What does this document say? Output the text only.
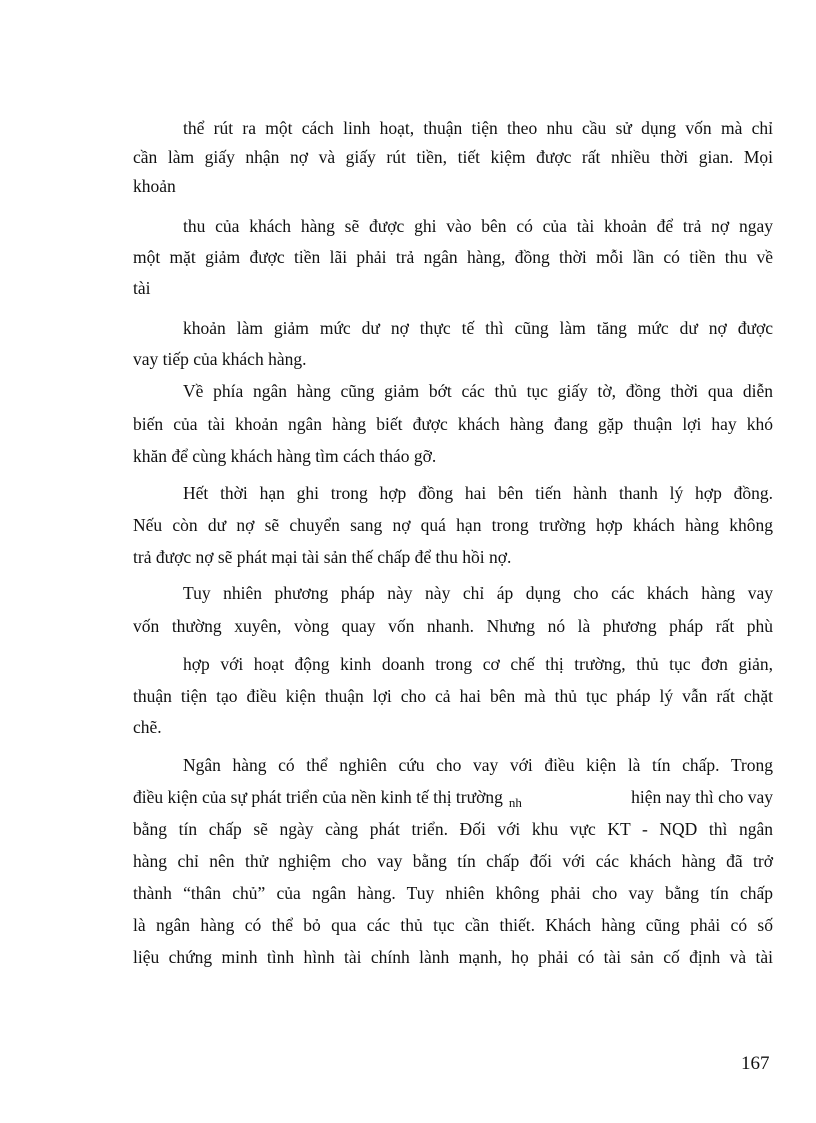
thể rút ra một cách linh hoạt, thuận tiện theo nhu cầu sử dụng vốn mà chỉ
cần làm giấy nhận nợ và giấy rút tiền, tiết kiệm được rất nhiều thời gian. Mọi
khoản
thu của khách hàng sẽ được ghi vào bên có của tài khoản để trả nợ ngay
một mặt giảm được tiền lãi phải trả ngân hàng, đồng thời mỗi lần có tiền thu về
tài
khoản làm giảm mức dư nợ thực tế thì cũng làm tăng mức dư nợ được
vay tiếp của khách hàng.
Về phía ngân hàng cũng giảm bớt các thủ tục giấy tờ, đồng thời qua diễn
biến của tài khoản ngân hàng biết được khách hàng đang gặp thuận lợi hay khó
khăn để cùng khách hàng tìm cách tháo gỡ.
Hết thời hạn ghi trong hợp đồng hai bên tiến hành thanh lý hợp đồng.
Nếu còn dư nợ sẽ chuyển sang nợ quá hạn trong trường hợp khách hàng không
trả được nợ sẽ phát mại tài sản thế chấp để thu hồi nợ.
Tuy nhiên phương pháp này này chỉ áp dụng cho các khách hàng vay
vốn thường xuyên, vòng quay vốn nhanh. Nhưng nó là phương pháp rất phù
hợp với hoạt động kinh doanh trong cơ chế thị trường, thủ tục đơn giản,
thuận tiện tạo điều kiện thuận lợi cho cả hai bên mà thủ tục pháp lý vẫn rất chặt
chẽ.
Ngân hàng có thể nghiên cứu cho vay với điều kiện là tín chấp. Trong
điều kiện của sự phát triển của nền kinh tế thị trường $_{nh}$	hiện nay thì cho vay
bằng tín chấp sẽ ngày càng phát triển. Đối với khu vực KT - NQD thì ngân
hàng chỉ nên thử nghiệm cho vay bằng tín chấp đối với các khách hàng đã trở
thành “thân chủ” của ngân hàng. Tuy nhiên không phải cho vay bằng tín chấp
là ngân hàng có thể bỏ qua các thủ tục cần thiết. Khách hàng cũng phải có số
liệu chứng minh tình hình tài chính lành mạnh, họ phải có tài sản cố định và tài
167
